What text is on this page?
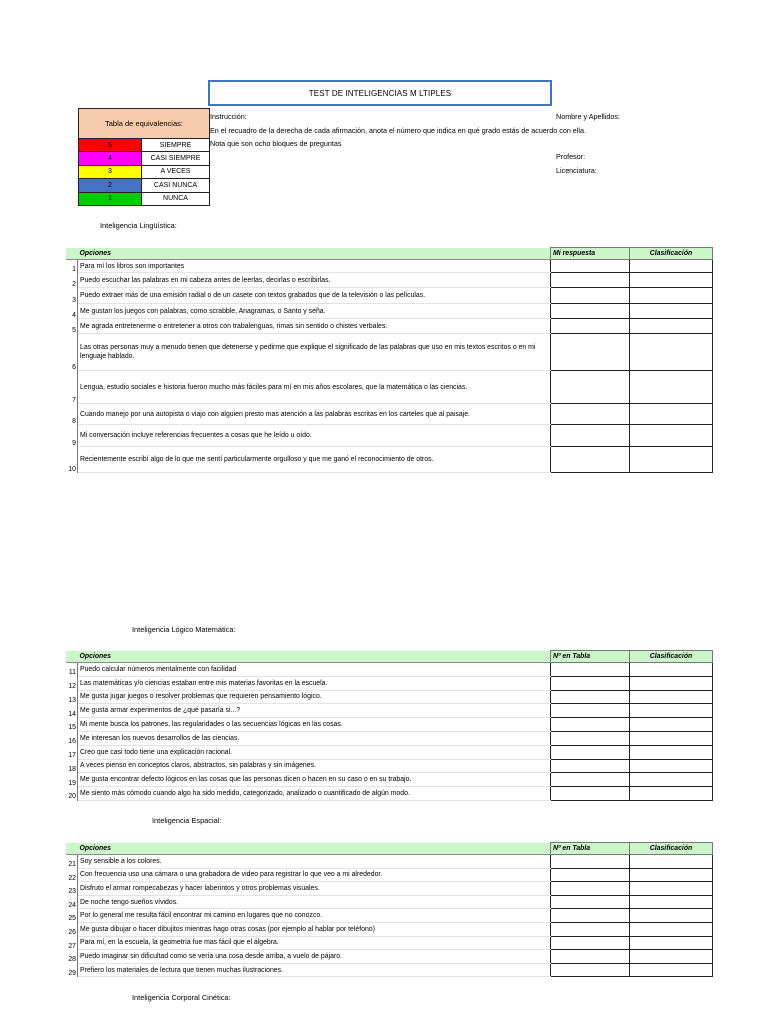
TEST DE INTELIGENCIAS M LTIPLES
Instrucción:
En el recuadro de la derecha de cada afirmación, anota el número que indica en qué grado estás de acuerdo con ella.
Nota que son ocho bloques de preguntas
Nombre y Apellidos:
Profesor:
Licenciatura:
Tabla de equivalencias:	
5	SIEMPRE
4	CASI SIEMPRE
3	A VECES
2	CASI NUNCA
1	NUNCA
Inteligencia Lingüística:
	Opciones	Mi respuesta	Clasificación
1	Para mí los libros son importantes		
2	Puedo escuchar las palabras en mi cabeza antes de leerlas, decirlas o escribirlas.		
3	Puedo extraer más de una emisión radial o de un casete con textos grabados que de la televisión o las películas.		
4	Me gustan los juegos con palabras, como scrabble, Anagramas, o Santo y seña.		
5	Me agrada entretenerme o entretener a otros con trabalenguas, rimas sin sentido o chistes verbales.		
6	Las otras personas muy a menudo tienen que detenerse y pedirme que explique el significado de las palabras que uso en mis textos escritos o en mi lenguaje hablado.		
7	Lengua, estudio sociales e historia fueron mucho más fáciles para mí en mis años escolares, que la matemática o las ciencias.		
8	Cuando manejo por una autopista o viajo con alguien presto mas atención a las palabras escritas en los carteles que al paisaje.		
9	Mi conversación incluye referencias frecuentes a cosas que he leído u oído.		
10	Recientemente escribí algo de lo que me sentí particularmente orgulloso y que me ganó el reconocimiento de otros.		
Inteligencia Lógico Matemática:
	Opciones	Nº en Tabla	Clasificación
11	Puedo calcular números mentalmente con facilidad		
12	Las matemáticas y/o ciencias estaban entre mis materias favoritas en la escuela.		
13	Me gusta jugar juegos o resolver problemas que requieren pensamiento lógico.		
14	Me gusta armar experimentos de ¿qué pasaría si...?		
15	Mi mente busca los patrones, las regularidades o las secuencias lógicas en las cosas.		
16	Me interesan los nuevos desarrollos de las ciencias.		
17	Creo que casi todo tiene una explicación racional.		
18	A veces pienso en conceptos claros, abstractos, sin palabras y sin imágenes.		
19	Me gusta encontrar defecto lógicos en las cosas que las personas dicen o hacen en su caso o en su trabajo.		
20	Me siento más cómodo cuando algo ha sido medido, categorizado, analizado o cuantificado de algún modo.		
Inteligencia Espacial:
	Opciones	Nº en Tabla	Clasificación
21	Soy sensible a los colores.		
22	Con frecuencia uso una cámara o una grabadora de video para registrar lo que veo a mi alrededor.		
23	Disfruto el armar rompecabezas y hacer laberintos y otros problemas visuales.		
24	De noche tengo sueños vívidos.		
25	Por lo general me resulta fácil encontrar mi camino en lugares que no conozco.		
26	Me gusta dibujar o hacer dibujitos mientras hago otras cosas (por ejemplo al hablar por teléfono)		
27	Para mí, en la escuela, la geometría fue mas fácil que el álgebra.		
28	Puedo imaginar sin dificultad como se vería una cosa desde arriba, a vuelo de pájaro.		
29	Prefiero los materiales de lectura que tienen muchas ilustraciones.		
Inteligencia Corporal Cinética:
